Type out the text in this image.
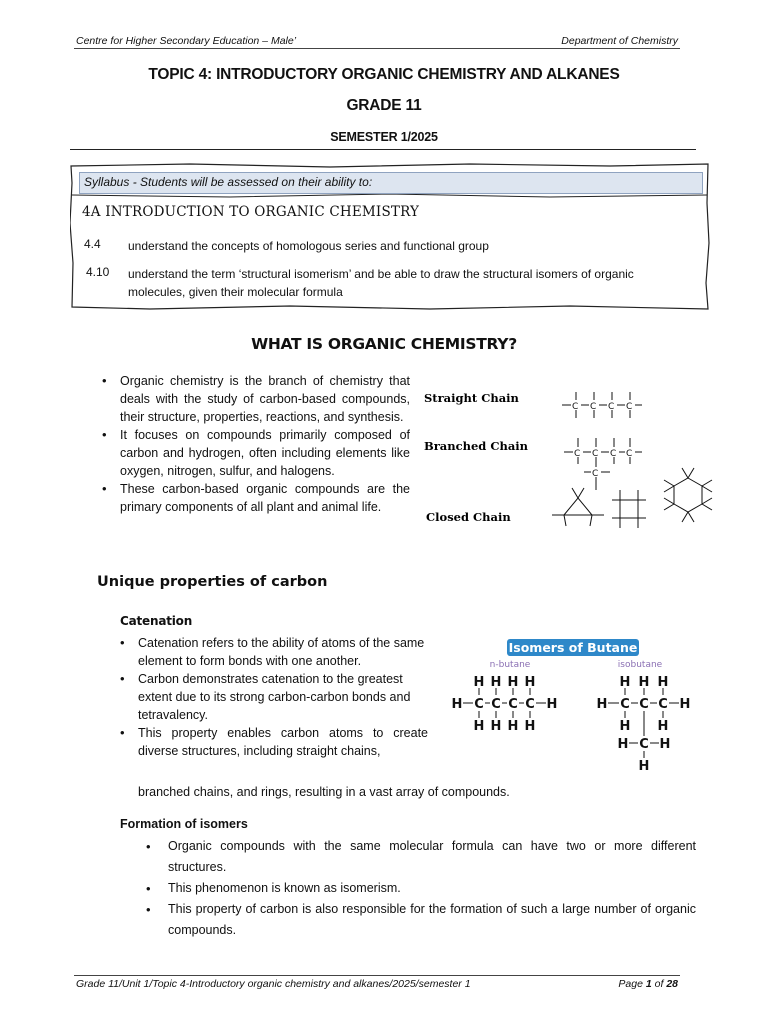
Centre for Higher Secondary Education – Male’	Department of Chemistry
TOPIC 4: INTRODUCTORY ORGANIC CHEMISTRY AND ALKANES
GRADE 11
SEMESTER 1/2025
Syllabus - Students will be assessed on their ability to:
4A INTRODUCTION TO ORGANIC CHEMISTRY
4.4 understand the concepts of homologous series and functional group
4.10 understand the term ‘structural isomerism’ and be able to draw the structural isomers of organic molecules, given their molecular formula
WHAT IS ORGANIC CHEMISTRY?
• Organic chemistry is the branch of chemistry that deals with the study of carbon-based compounds, their structure, properties, reactions, and synthesis.
• It focuses on compounds primarily composed of carbon and hydrogen, often including elements like oxygen, nitrogen, sulfur, and halogens.
• These carbon-based organic compounds are the primary components of all plant and animal life.
Straight Chain
Branched Chain
Closed Chain
C C C C
C C C C
C
Unique properties of carbon
Catenation
• Catenation refers to the ability of atoms of the same element to form bonds with one another.
• Carbon demonstrates catenation to the greatest extent due to its strong carbon-carbon bonds and tetravalency.
• This property enables carbon atoms to create diverse structures, including straight chains,
branched chains, and rings, resulting in a vast array of compounds.
Isomers of Butane
n-butane	isobutane
H H H H
H	H
C C C C
H H H H
H H H
H	H
C C C
H H
H C H
H
Formation of isomers
• Organic compounds with the same molecular formula can have two or more different structures.
• This phenomenon is known as isomerism.
• This property of carbon is also responsible for the formation of such a large number of organic compounds.
Grade 11/Unit 1/Topic 4-Introductory organic chemistry and alkanes/2025/semester 1	Page 1 of 28
